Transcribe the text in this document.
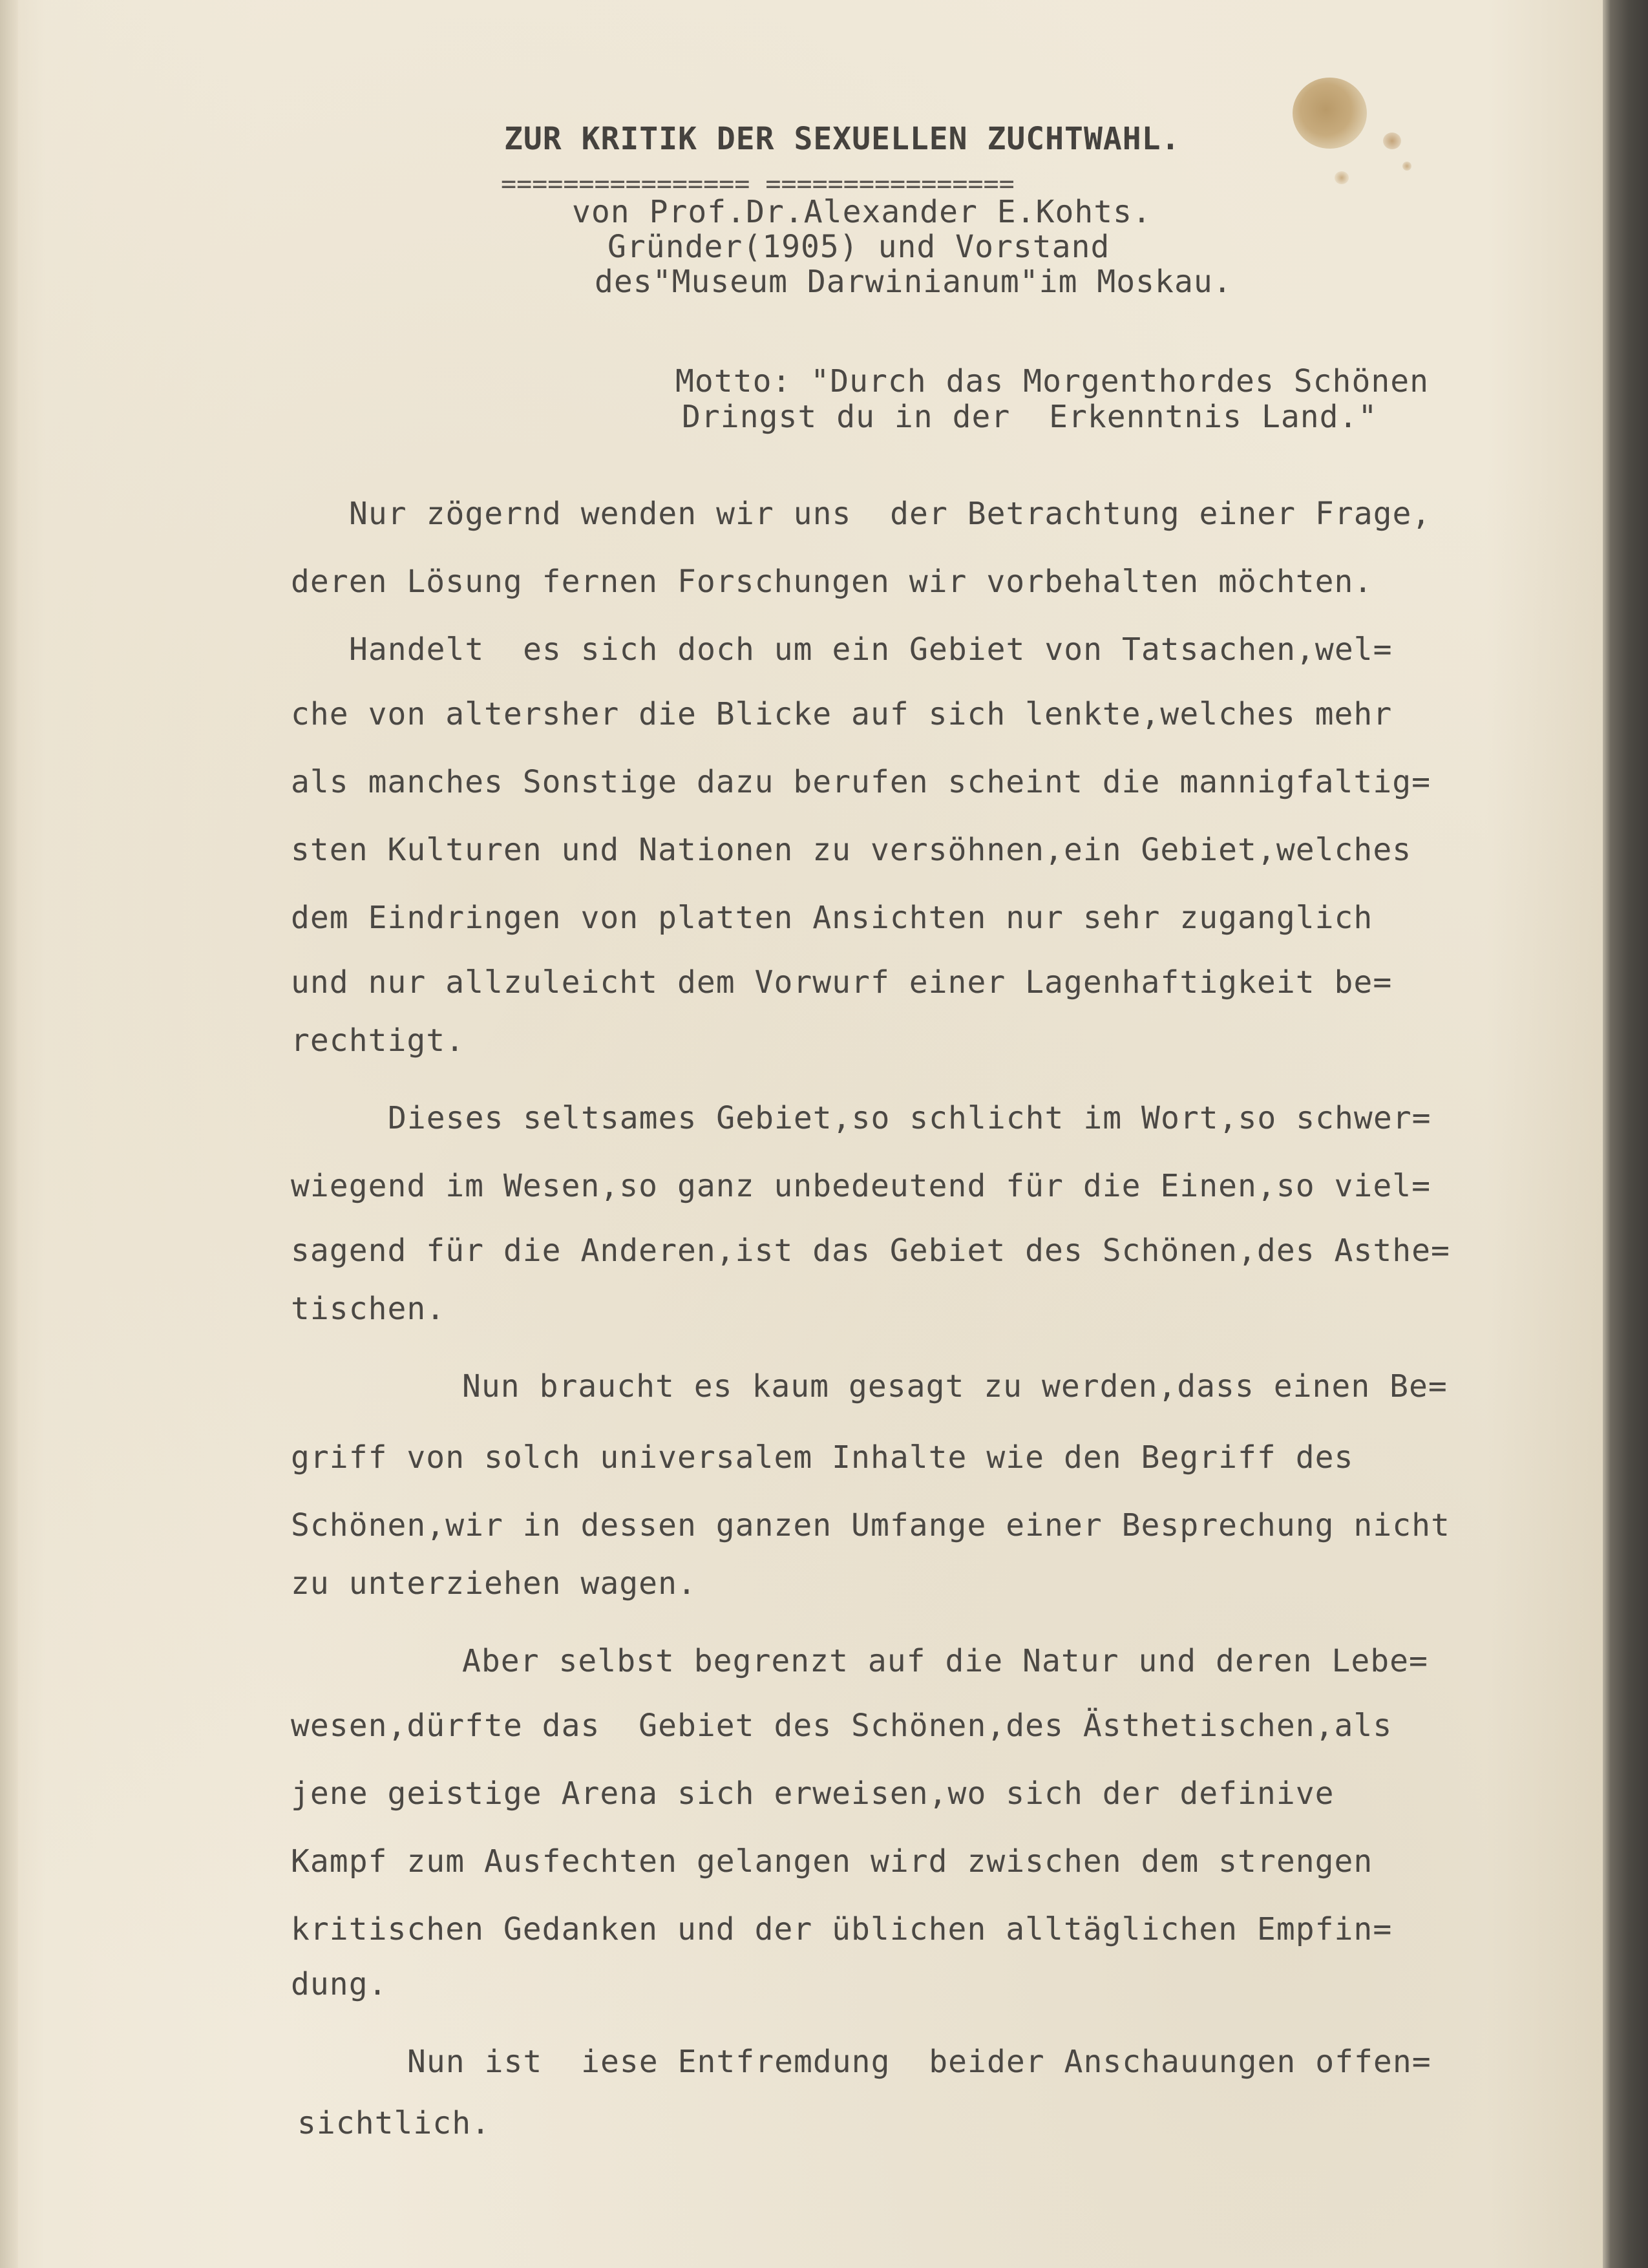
ZUR KRITIK DER SEXUELLEN ZUCHTWAHL.
================ ================
von Prof.Dr.Alexander E.Kohts.
Gründer(1905) und Vorstand
des"Museum Darwinianum"im Moskau.
Motto: "Durch das Morgenthordes Schönen
Dringst du in der  Erkenntnis Land."
Nur zögernd wenden wir uns  der Betrachtung einer Frage,
deren Lösung fernen Forschungen wir vorbehalten möchten.
Handelt  es sich doch um ein Gebiet von Tatsachen,wel=
che von altersher die Blicke auf sich lenkte,welches mehr
als manches Sonstige dazu berufen scheint die mannigfaltig=
sten Kulturen und Nationen zu versöhnen,ein Gebiet,welches
dem Eindringen von platten Ansichten nur sehr zuganglich
und nur allzuleicht dem Vorwurf einer Lagenhaftigkeit be=
rechtigt.
Dieses seltsames Gebiet,so schlicht im Wort,so schwer=
wiegend im Wesen,so ganz unbedeutend für die Einen,so viel=
sagend für die Anderen,ist das Gebiet des Schönen,des Asthe=
tischen.
Nun braucht es kaum gesagt zu werden,dass einen Be=
griff von solch universalem Inhalte wie den Begriff des
Schönen,wir in dessen ganzen Umfange einer Besprechung nicht
zu unterziehen wagen.
Aber selbst begrenzt auf die Natur und deren Lebe=
wesen,dürfte das  Gebiet des Schönen,des Ästhetischen,als
jene geistige Arena sich erweisen,wo sich der definive
Kampf zum Ausfechten gelangen wird zwischen dem strengen
kritischen Gedanken und der üblichen alltäglichen Empfin=
dung.
Nun ist  iese Entfremdung  beider Anschauungen offen=
sichtlich.
